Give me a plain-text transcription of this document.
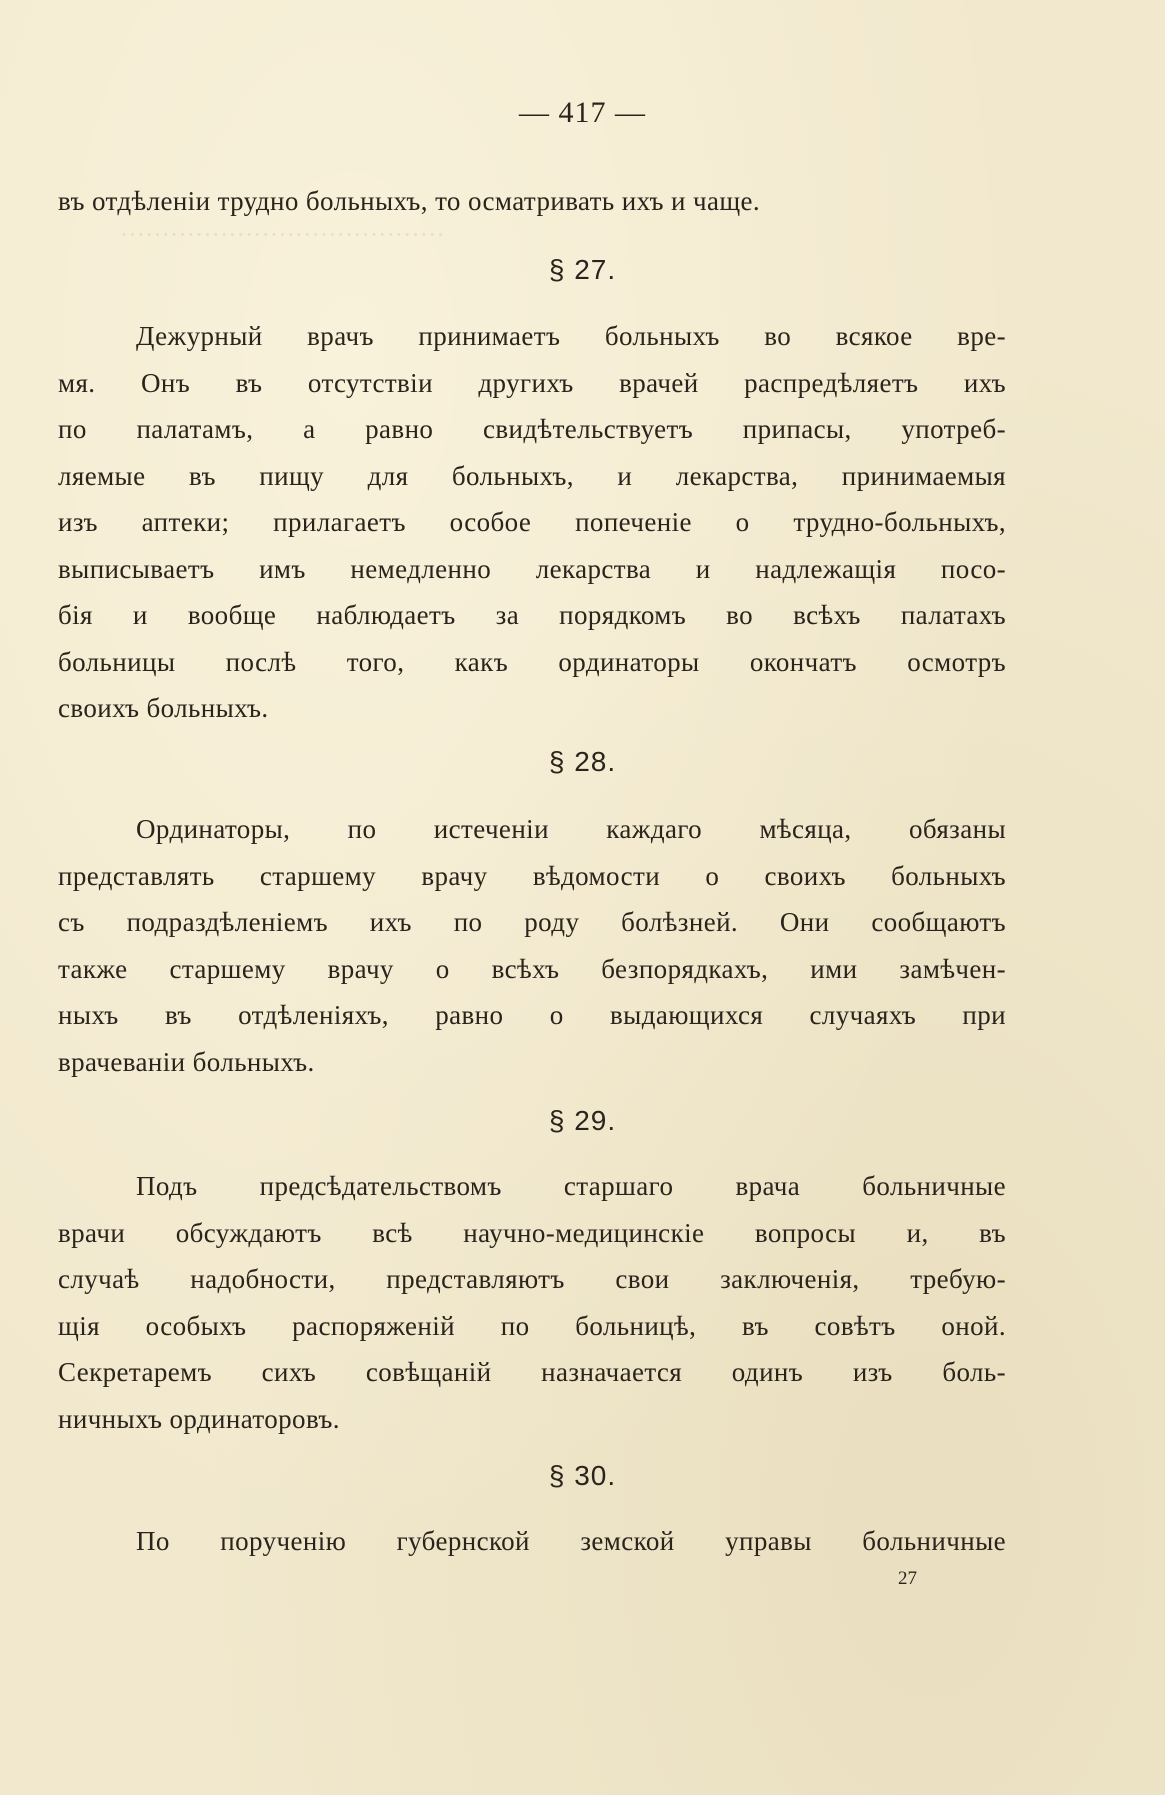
·······································
— 417 —
въ отдѣленіи трудно больныхъ, то осматривать ихъ и чаще.
§ 27.
Дежурный врачъ принимаетъ больныхъ во всякое вре-
мя. Онъ въ отсутствіи другихъ врачей распредѣляетъ ихъ
по палатамъ, а равно свидѣтельствуетъ припасы, употреб-
ляемые въ пищу для больныхъ, и лекарства, принимаемыя
изъ аптеки; прилагаетъ особое попеченіе о трудно-больныхъ,
выписываетъ имъ немедленно лекарства и надлежащія посо-
бія и вообще наблюдаетъ за порядкомъ во всѣхъ палатахъ
больницы послѣ того, какъ ординаторы окончатъ осмотръ
своихъ больныхъ.
§ 28.
Ординаторы, по истеченіи каждаго мѣсяца, обязаны
представлять старшему врачу вѣдомости о своихъ больныхъ
съ подраздѣленіемъ ихъ по роду болѣзней. Они сообщаютъ
также старшему врачу о всѣхъ безпорядкахъ, ими замѣчен-
ныхъ въ отдѣленіяхъ, равно о выдающихся случаяхъ при
врачеваніи больныхъ.
§ 29.
Подъ предсѣдательствомъ старшаго врача больничные
врачи обсуждаютъ всѣ научно-медицинскіе вопросы и, въ
случаѣ надобности, представляютъ свои заключенія, требую-
щія особыхъ распоряженій по больницѣ, въ совѣтъ оной.
Секретаремъ сихъ совѣщаній назначается одинъ изъ боль-
ничныхъ ординаторовъ.
§ 30.
По порученію губернской земской управы больничные
27
